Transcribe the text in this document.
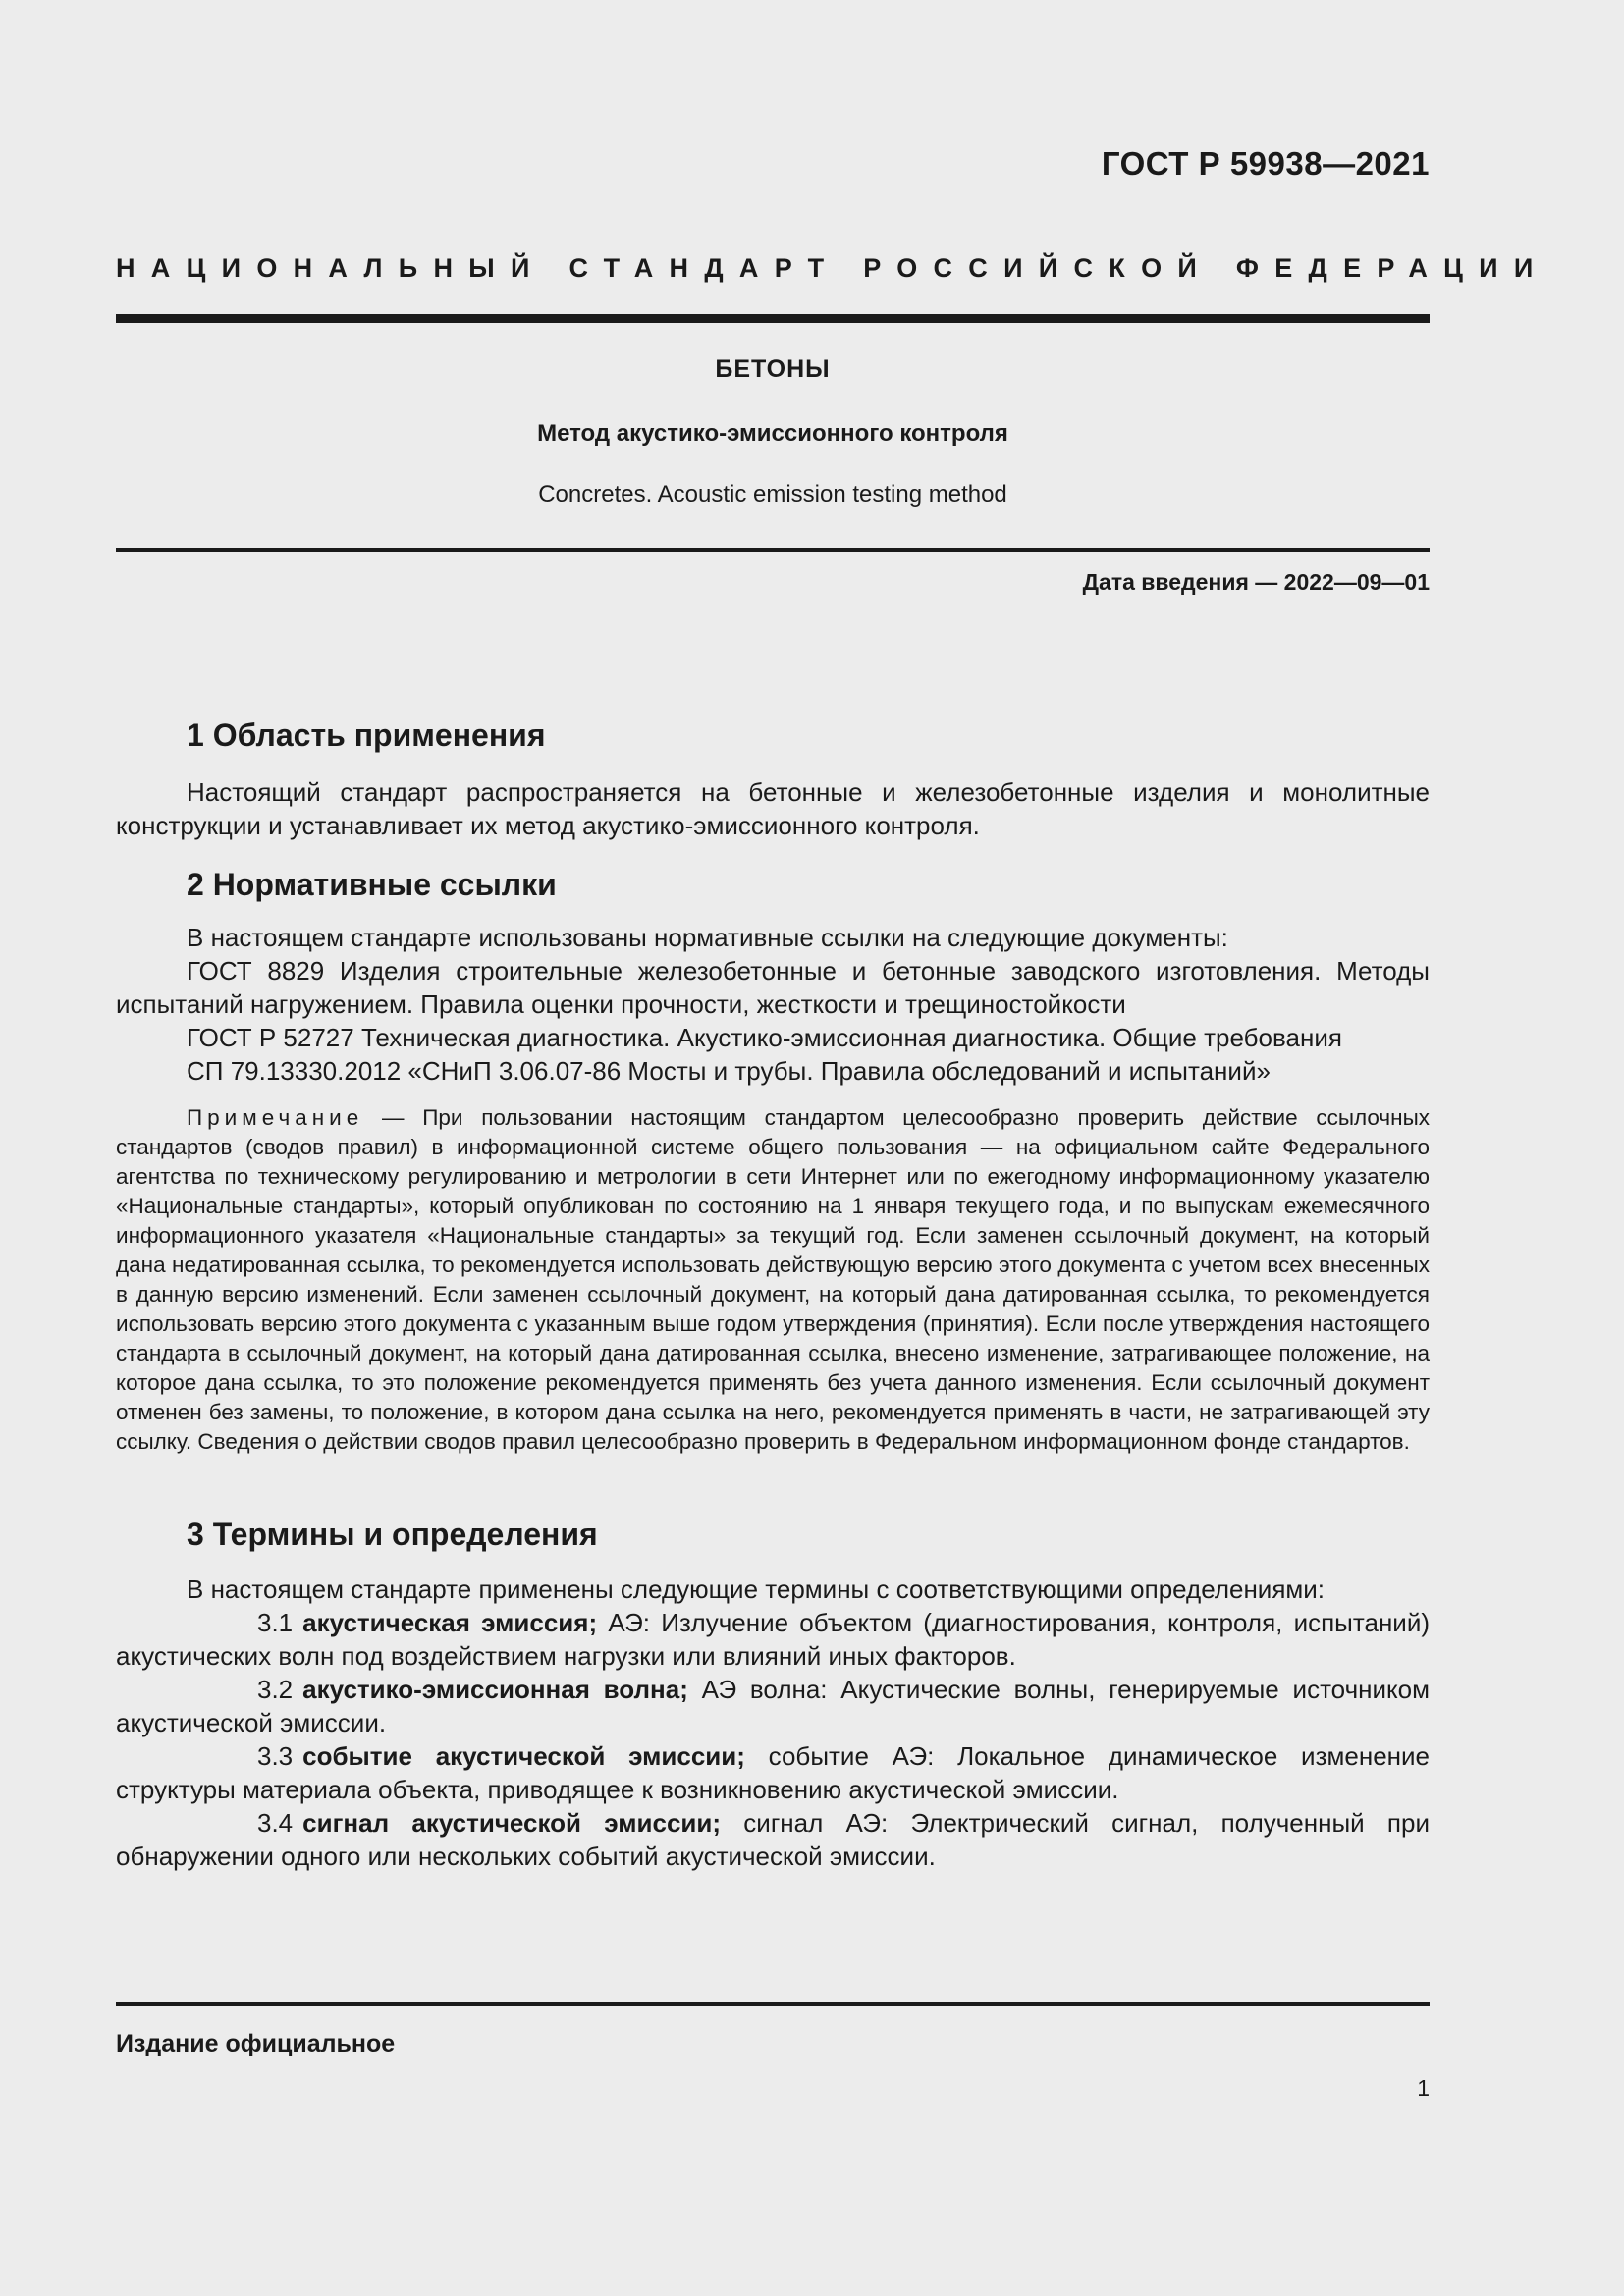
ГОСТ Р 59938—2021
НАЦИОНАЛЬНЫЙ СТАНДАРТ РОССИЙСКОЙ ФЕДЕРАЦИИ
БЕТОНЫ
Метод акустико-эмиссионного контроля
Concretes. Acoustic emission testing method
Дата введения — 2022—09—01
1 Область применения

Настоящий стандарт распространяется на бетонные и железобетонные изделия и монолитные конструкции и устанавливает их метод акустико-эмиссионного контроля.

2 Нормативные ссылки

В настоящем стандарте использованы нормативные ссылки на следующие документы:

ГОСТ 8829 Изделия строительные железобетонные и бетонные заводского изготовления. Методы испытаний нагружением. Правила оценки прочности, жесткости и трещиностойкости

ГОСТ Р 52727 Техническая диагностика. Акустико-эмиссионная диагностика. Общие требования

СП 79.13330.2012 «СНиП 3.06.07-86 Мосты и трубы. Правила обследований и испытаний»

Примечание — При пользовании настоящим стандартом целесообразно проверить действие ссылочных стандартов (сводов правил) в информационной системе общего пользования — на официальном сайте Федерального агентства по техническому регулированию и метрологии в сети Интернет или по ежегодному информационному указателю «Национальные стандарты», который опубликован по состоянию на 1 января текущего года, и по выпускам ежемесячного информационного указателя «Национальные стандарты» за текущий год. Если заменен ссылочный документ, на который дана недатированная ссылка, то рекомендуется использовать действующую версию этого документа с учетом всех внесенных в данную версию изменений. Если заменен ссылочный документ, на который дана датированная ссылка, то рекомендуется использовать версию этого документа с указанным выше годом утверждения (принятия). Если после утверждения настоящего стандарта в ссылочный документ, на который дана датированная ссылка, внесено изменение, затрагивающее положение, на которое дана ссылка, то это положение рекомендуется применять без учета данного изменения. Если ссылочный документ отменен без замены, то положение, в котором дана ссылка на него, рекомендуется применять в части, не затрагивающей эту ссылку. Сведения о действии сводов правил целесообразно проверить в Федеральном информационном фонде стандартов.
3 Термины и определения

В настоящем стандарте применены следующие термины с соответствующими определениями:

3.1 акустическая эмиссия; АЭ: Излучение объектом (диагностирования, контроля, испытаний) акустических волн под воздействием нагрузки или влияний иных факторов.

3.2 акустико-эмиссионная волна; АЭ волна: Акустические волны, генерируемые источником акустической эмиссии.

3.3 событие акустической эмиссии; событие АЭ: Локальное динамическое изменение структуры материала объекта, приводящее к возникновению акустической эмиссии.

3.4 сигнал акустической эмиссии; сигнал АЭ: Электрический сигнал, полученный при обнаружении одного или нескольких событий акустической эмиссии.

Издание официальное
1
